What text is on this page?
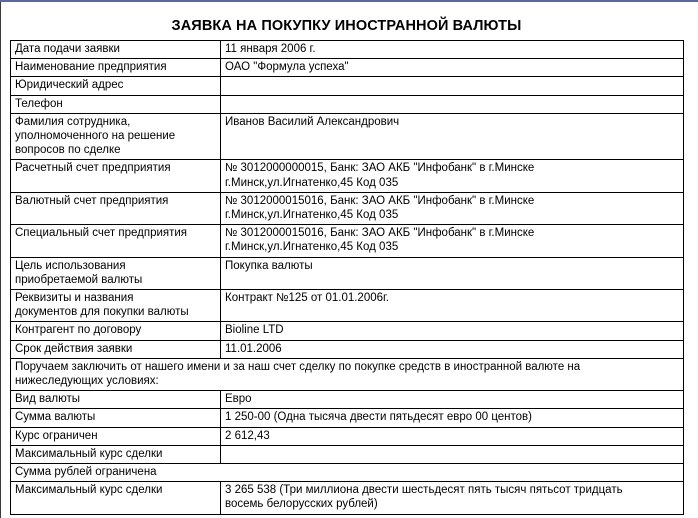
ЗАЯВКА НА ПОКУПКУ ИНОСТРАННОЙ ВАЛЮТЫ
Дата подачи заявки	11 января 2006 г.

Наименование предприятия	ОАО "Формула успеха"

Юридический адрес	

Телефон	

Фамилия сотрудника,
уполномоченного на решение
вопросов по сделке	Иванов Василий Александрович

Расчетный счет предприятия	№ 3012000000015, Банк: ЗАО АКБ "Инфобанк" в г.Минске
г.Минск,ул.Игнатенко,45 Код 035

Валютный счет предприятия	№ 3012000015016, Банк: ЗАО АКБ "Инфобанк" в г.Минске
г.Минск,ул.Игнатенко,45 Код 035

Специальный счет предприятия	№ 3012000015016, Банк: ЗАО АКБ "Инфобанк" в г.Минске
г.Минск,ул.Игнатенко,45 Код 035

Цель использования
приобретаемой валюты	Покупка валюты

Реквизиты и названия
документов для покупки валюты	Контракт №125 от 01.01.2006г.

Контрагент по договору	Bioline LTD

Срок действия заявки	11.01.2006

Поручаем заключить от нашего имени и за наш счет сделку по покупке средств в иностранной валюте на
нижеследующих условиях:	

Вид валюты	Евро

Сумма валюты	1 250-00 (Одна тысяча двести пятьдесят евро 00 центов)

Курс ограничен	2 612,43

Максимальный курс сделки	

Сумма рублей ограничена	

Максимальный курс сделки	3 265 538 (Три миллиона двести шестьдесят пять тысяч пятьсот тридцать
восемь белорусских рублей)
